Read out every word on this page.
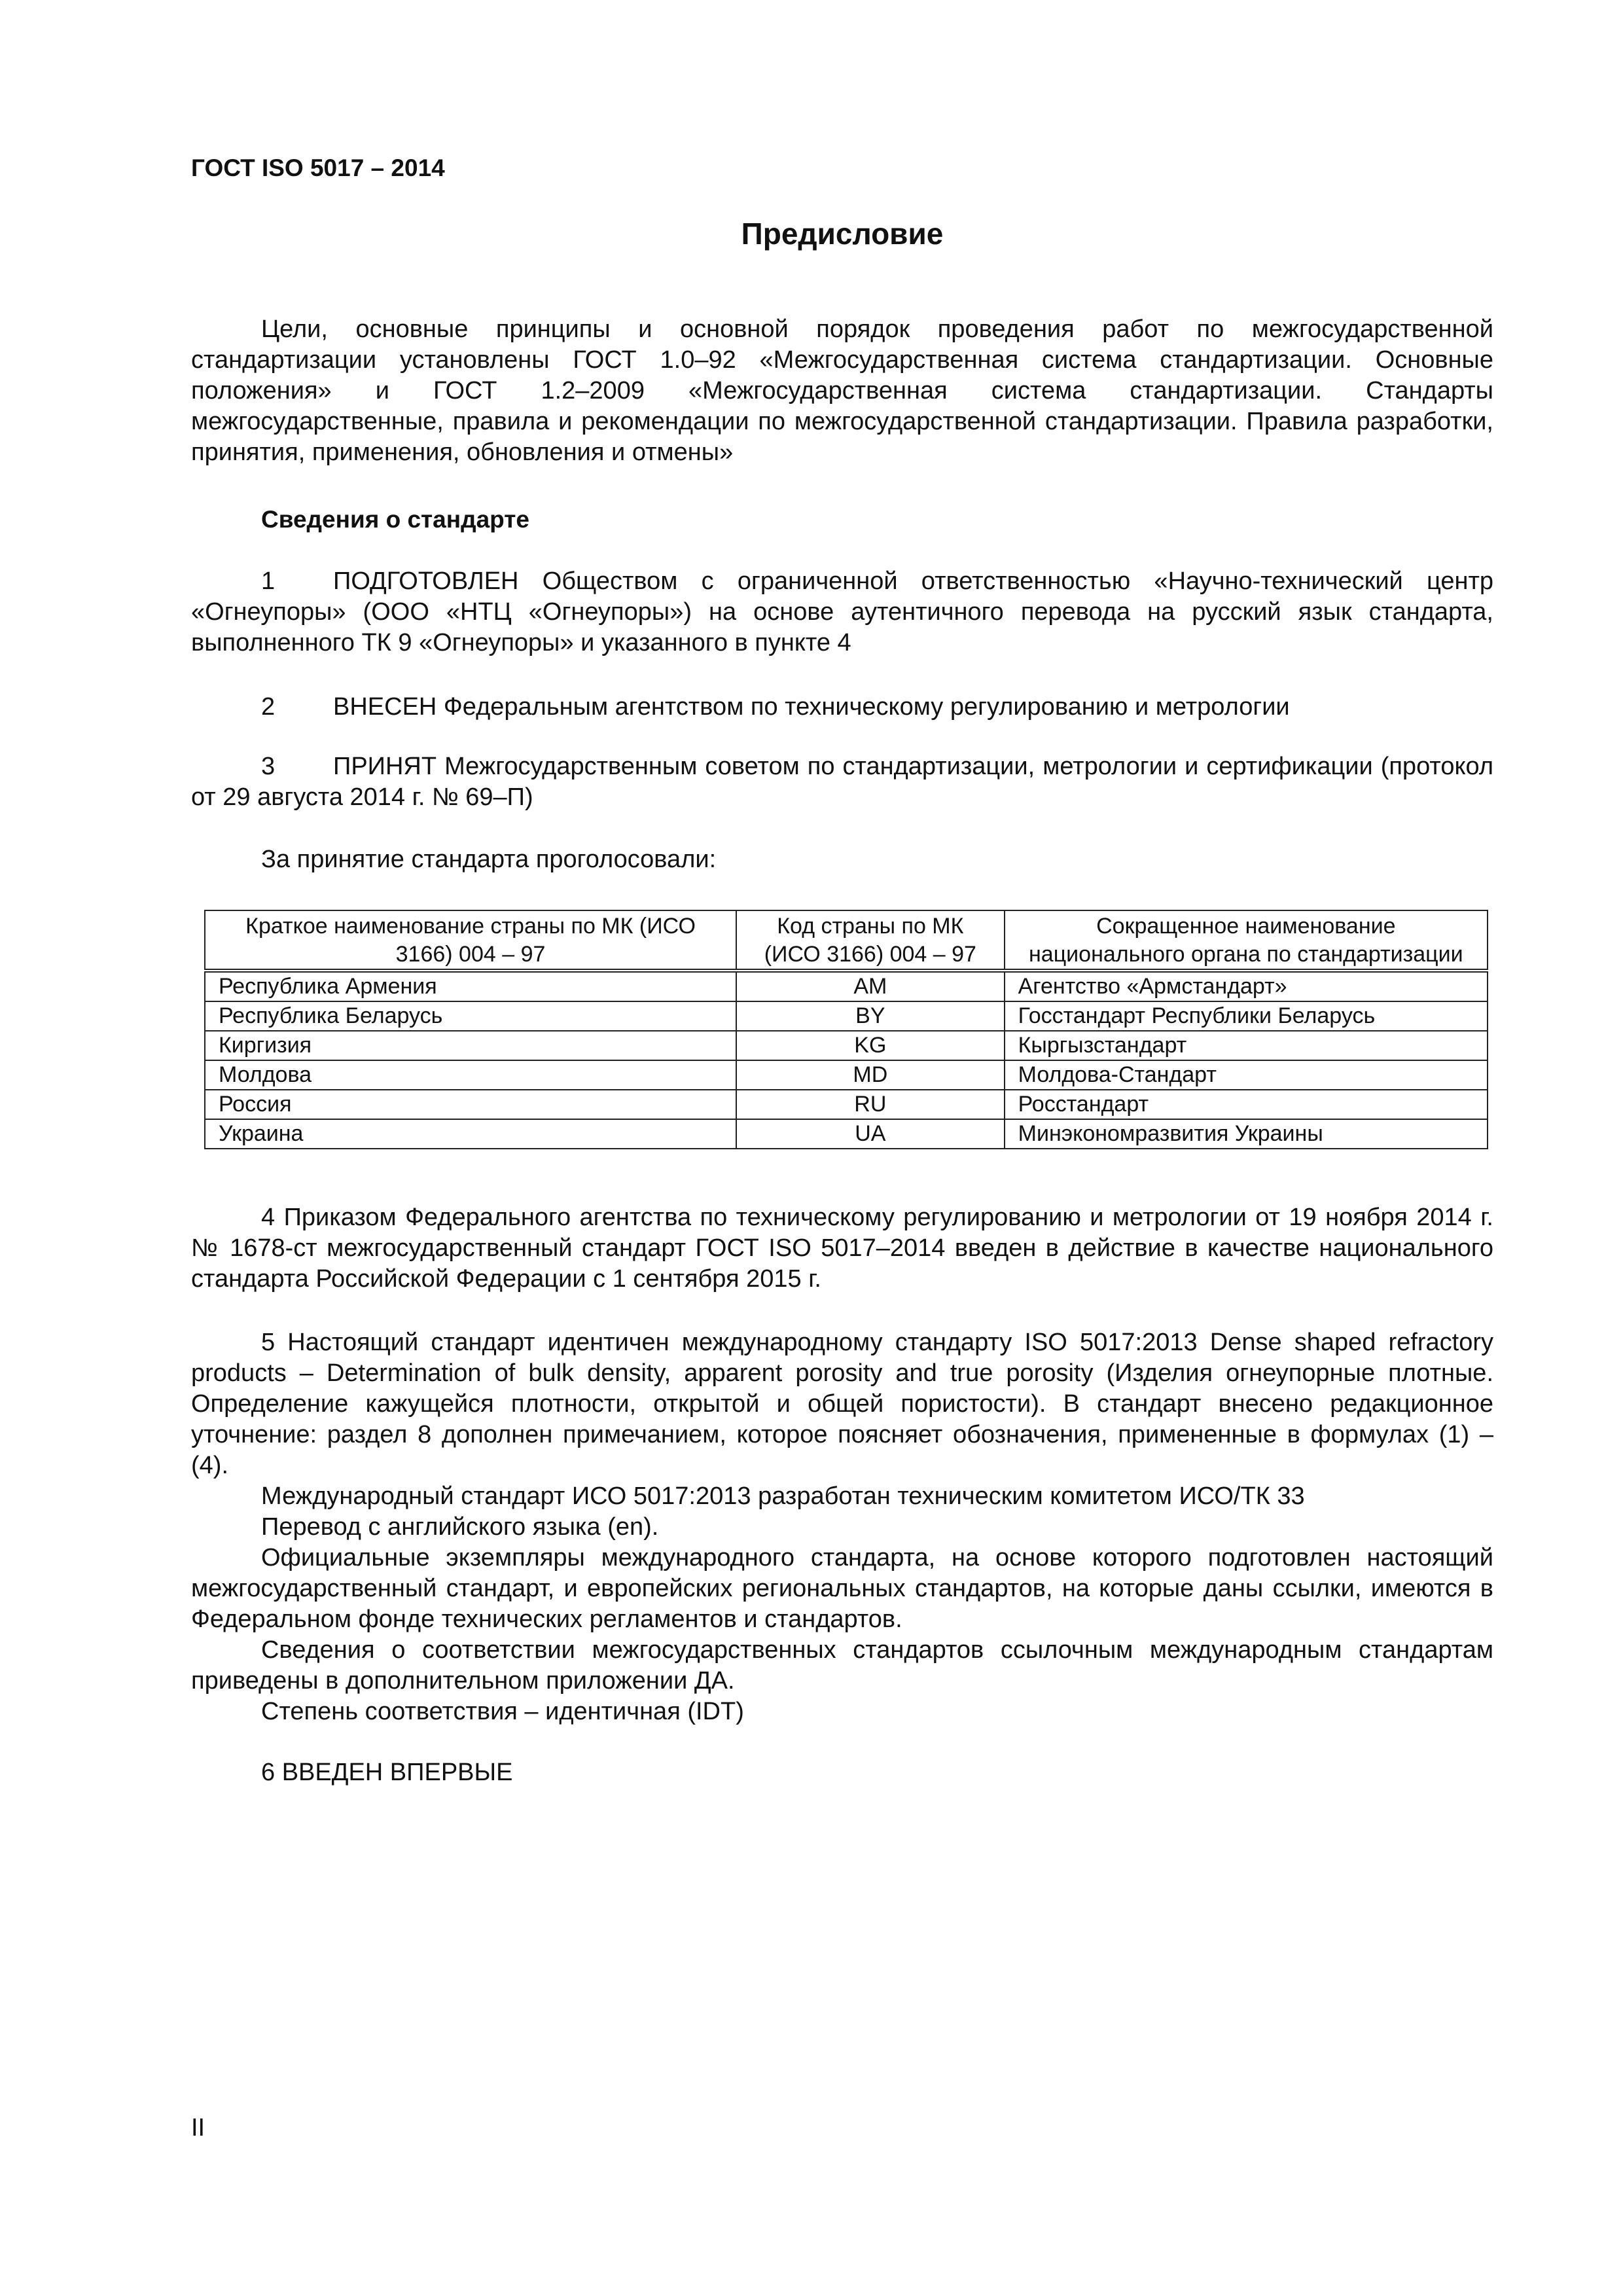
ГОСТ ISO 5017 – 2014
Предисловие

Цели, основные принципы и основной порядок проведения работ по межгосударственной стандартизации установлены ГОСТ 1.0–92 «Межгосударственная система стандартизации. Основные положения» и ГОСТ 1.2–2009 «Межгосударственная система стандартизации. Стандарты межгосударственные, правила и рекомендации по межгосударственной стандартизации. Правила разработки, принятия, применения, обновления и отмены»

Сведения о стандарте

1 ПОДГОТОВЛЕН Обществом с ограниченной ответственностью «Научно-технический центр «Огнеупоры» (ООО «НТЦ «Огнеупоры») на основе аутентичного перевода на русский язык стандарта, выполненного ТК 9 «Огнеупоры» и указанного в пункте 4

2 ВНЕСЕН Федеральным агентством по техническому регулированию и метрологии

3 ПРИНЯТ Межгосударственным советом по стандартизации, метрологии и сертификации (протокол от 29 августа 2014 г. № 69–П)

За принятие стандарта проголосовали:
Краткое наименование страны по МК (ИСО 3166) 004 – 97	Код страны по МК (ИСО 3166) 004 – 97	Сокращенное наименование национального органа по стандартизации
Республика Армения	AM	Агентство «Армстандарт»
Республика Беларусь	BY	Госстандарт Республики Беларусь
Киргизия	KG	Кыргызстандарт
Молдова	MD	Молдова-Стандарт
Россия	RU	Росстандарт
Украина	UA	Минэкономразвития Украины

4 Приказом Федерального агентства по техническому регулированию и метрологии от 19 ноября 2014 г. № 1678-ст межгосударственный стандарт ГОСТ ISO 5017–2014 введен в действие в качестве национального стандарта Российской Федерации с 1 сентября 2015 г.

5 Настоящий стандарт идентичен международному стандарту ISO 5017:2013 Dense shaped refractory products – Determination of bulk density, apparent porosity and true porosity (Изделия огнеупорные плотные. Определение кажущейся плотности, открытой и общей пористости). В стандарт внесено редакционное уточнение: раздел 8 дополнен примечанием, которое поясняет обозначения, примененные в формулах (1) – (4).

Международный стандарт ИСО 5017:2013 разработан техническим комитетом ИСО/ТК 33
Перевод с английского языка (en).

Официальные экземпляры международного стандарта, на основе которого подготовлен настоящий межгосударственный стандарт, и европейских региональных стандартов, на которые даны ссылки, имеются в Федеральном фонде технических регламентов и стандартов.

Сведения о соответствии межгосударственных стандартов ссылочным международным стандартам приведены в дополнительном приложении ДА.

Степень соответствия – идентичная (IDT)
6 ВВЕДЕН ВПЕРВЫЕ
II
